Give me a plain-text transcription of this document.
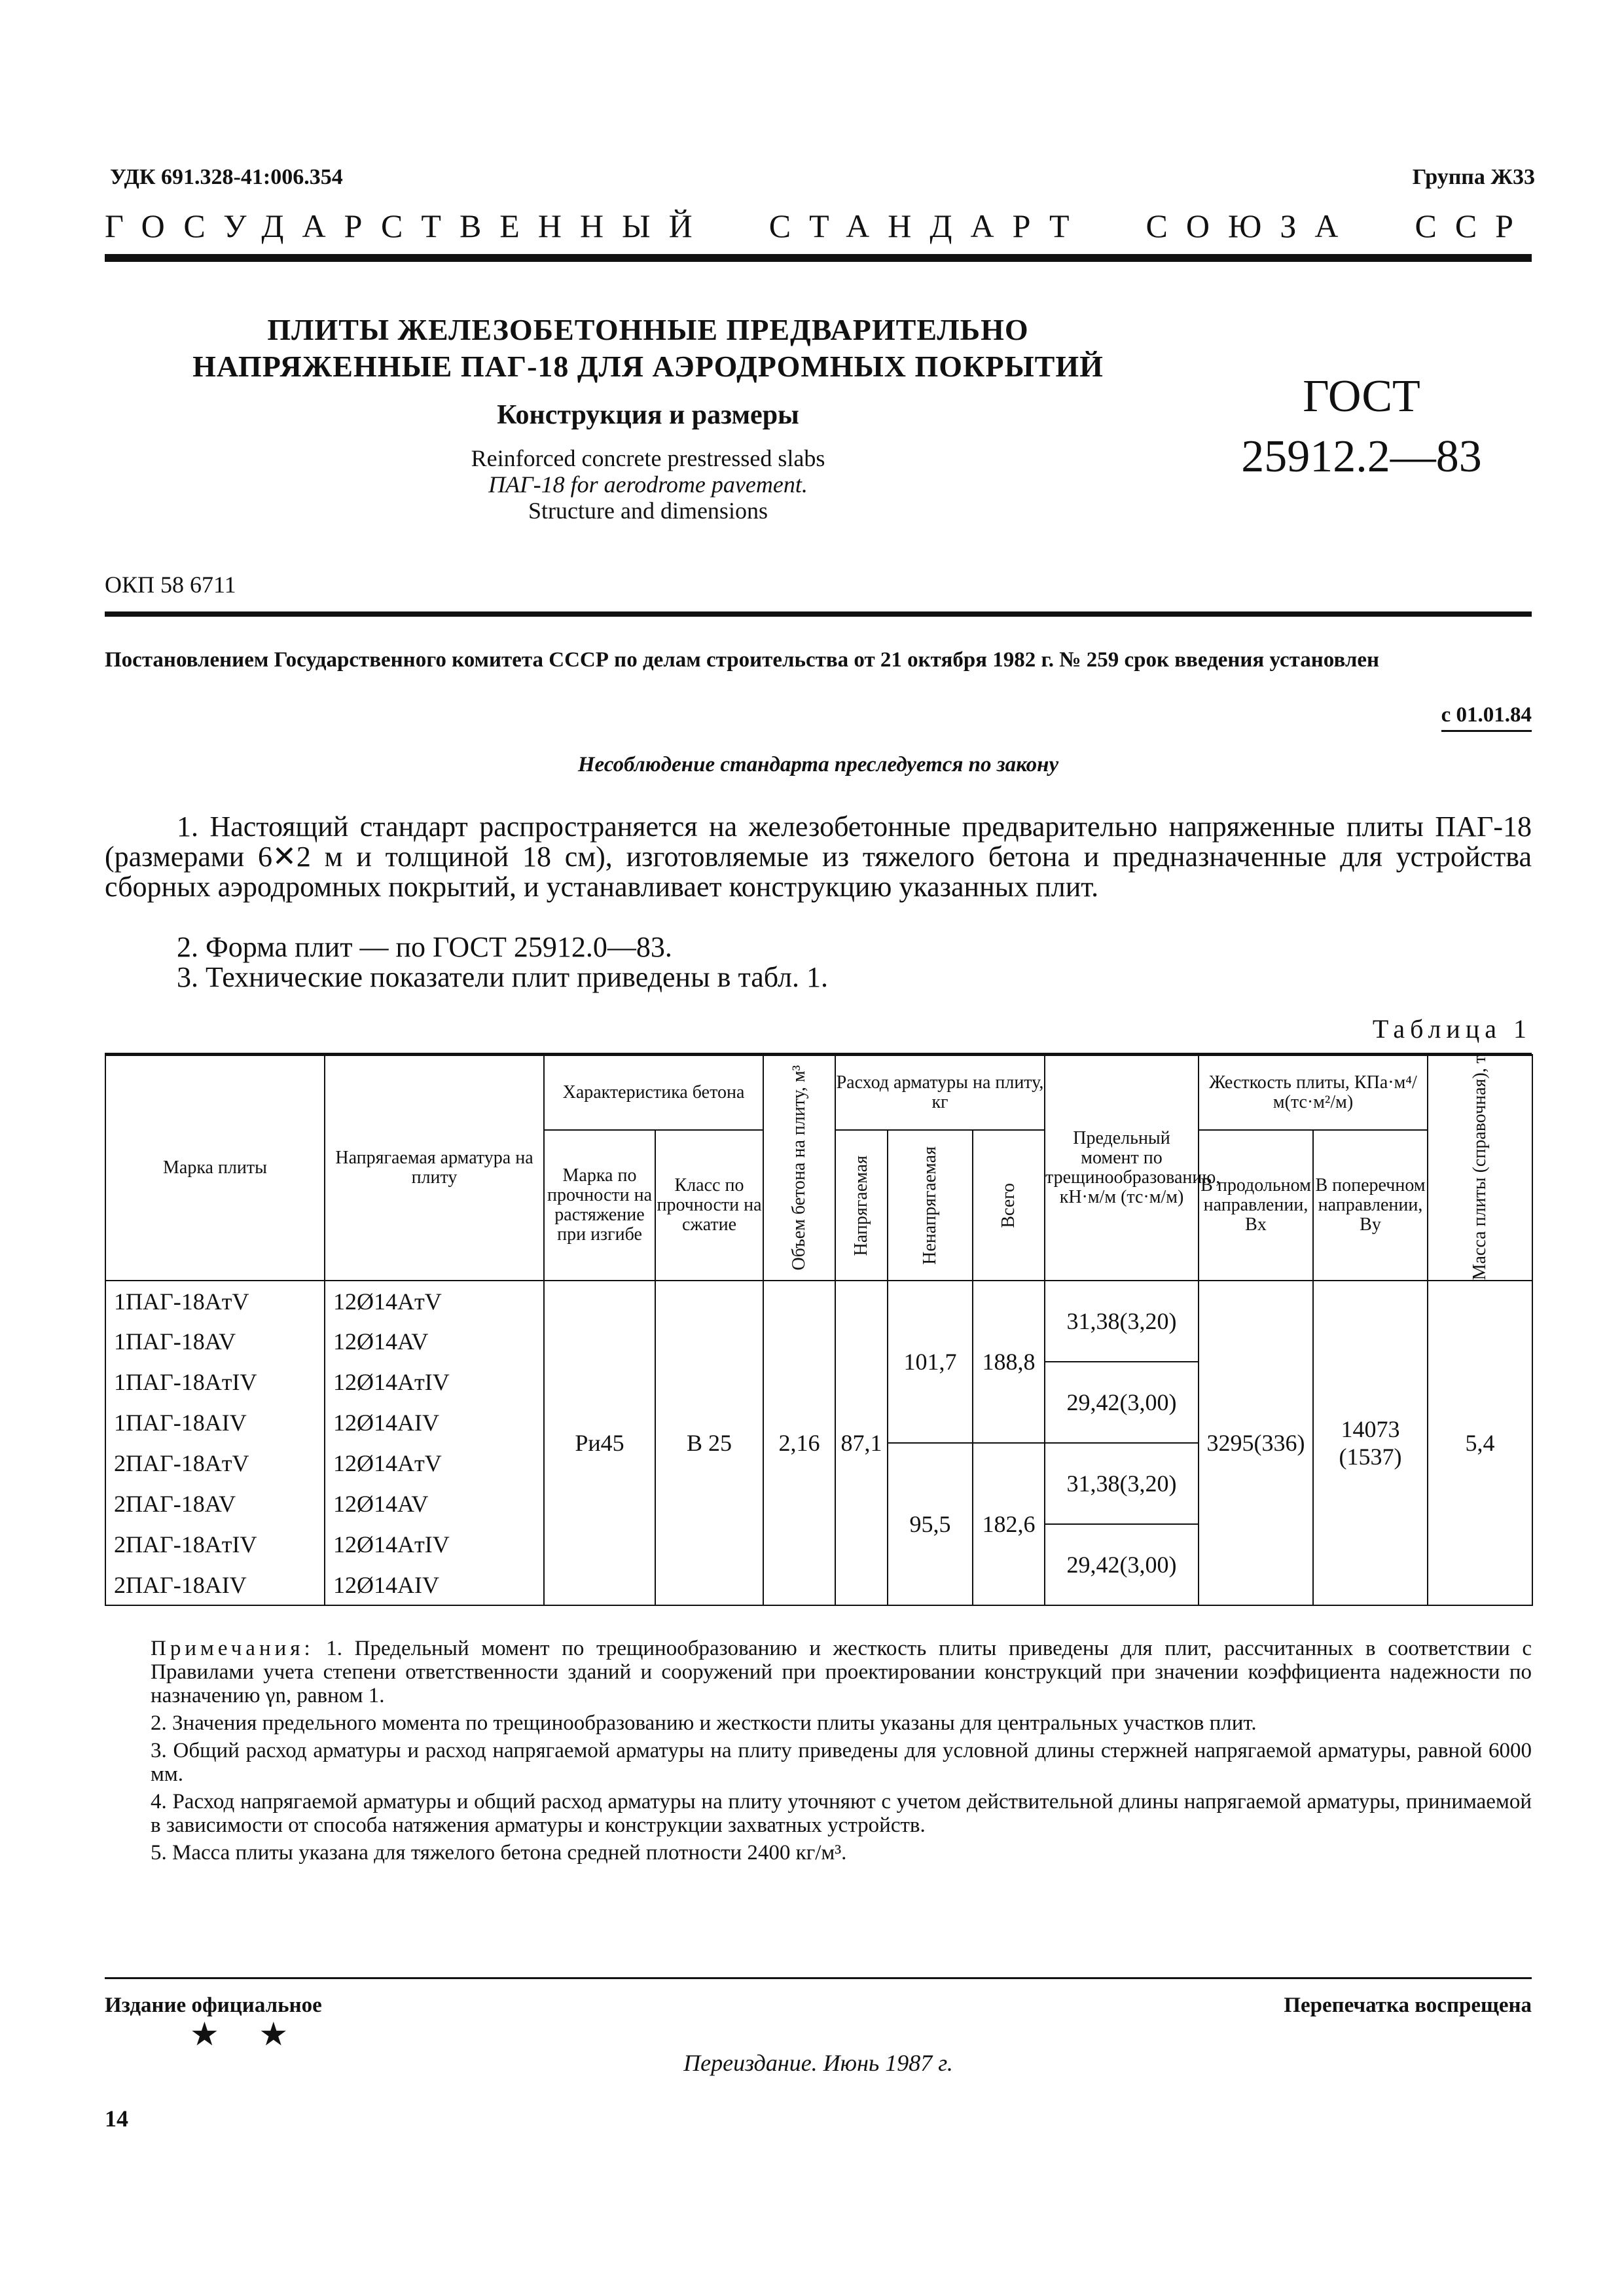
УДК 691.328-41:006.354	Группа Ж33
ГОСУДАРСТВЕННЫЙ СТАНДАРТ СОЮЗА ССР
ПЛИТЫ ЖЕЛЕЗОБЕТОННЫЕ ПРЕДВАРИТЕЛЬНО
НАПРЯЖЕННЫЕ ПАГ-18 ДЛЯ АЭРОДРОМНЫХ ПОКРЫТИЙ
Конструкция и размеры
Reinforced concrete prestressed slabs
ПАГ-18 for aerodrome pavement.
Structure and dimensions
ГОСТ
25912.2—83
ОКП 58 6711
Постановлением Государственного комитета СССР по делам строительства от 21 октября 1982 г. № 259 срок введения установлен
с 01.01.84
Несоблюдение стандарта преследуется по закону
1. Настоящий стандарт распространяется на железобетонные предварительно напряженные плиты ПАГ-18 (размерами 6✕2 м и толщиной 18 см), изготовляемые из тяжелого бетона и предназначенные для устройства сборных аэродромных покрытий, и устанавливает конструкцию указанных плит.
2. Форма плит — по ГОСТ 25912.0—83.
3. Технические показатели плит приведены в табл. 1.
Таблица 1
Марка плиты	Напрягаемая арматура на плиту	Характеристика бетона		Объем бетона на плиту, м³	Расход арматуры на плиту, кг			Предельный момент по трещинообразованию, кН·м/м (тс·м/м)	Жесткость плиты, КПа·м⁴/м(тс·м²/м)		Масса плиты (справочная), т

		Марка по прочности на растяжение при изгибе	Класс по прочности на сжатие		Напрягаемая	Ненапрягаемая	Всего		В продольном направлении, Bx	В поперечном направлении, By	
1ПАГ-18AтV	12Ø14AтV	Pи45	B 25	2,16	87,1	101,7	188,8	31,38(3,20)	3295(336)	14073 (1537)	5,4
1ПАГ-18AV	12Ø14AV										
1ПАГ-18AтIV	12Ø14AтIV							29,42(3,00)			
1ПАГ-18AIV	12Ø14AIV										
2ПАГ-18AтV	12Ø14AтV					95,5	182,6	31,38(3,20)			
2ПАГ-18AV	12Ø14AV										
2ПАГ-18AтIV	12Ø14AтIV							29,42(3,00)			
2ПАГ-18AIV	12Ø14AIV										
Примечания: 1. Предельный момент по трещинообразованию и жесткость плиты приведены для плит, рассчитанных в соответствии с Правилами учета степени ответственности зданий и сооружений при проектировании конструкций при значении коэффициента надежности по назначению γn, равном 1.
2. Значения предельного момента по трещинообразованию и жесткости плиты указаны для центральных участков плит.
3. Общий расход арматуры и расход напрягаемой арматуры на плиту приведены для условной длины стержней напрягаемой арматуры, равной 6000 мм.
4. Расход напрягаемой арматуры и общий расход арматуры на плиту уточняют с учетом действительной длины напрягаемой арматуры, принимаемой в зависимости от способа натяжения арматуры и конструкции захватных устройств.
5. Масса плиты указана для тяжелого бетона средней плотности 2400 кг/м³.
Издание официальное
★ ★
Перепечатка воспрещена
Переиздание. Июнь 1987 г.
14
